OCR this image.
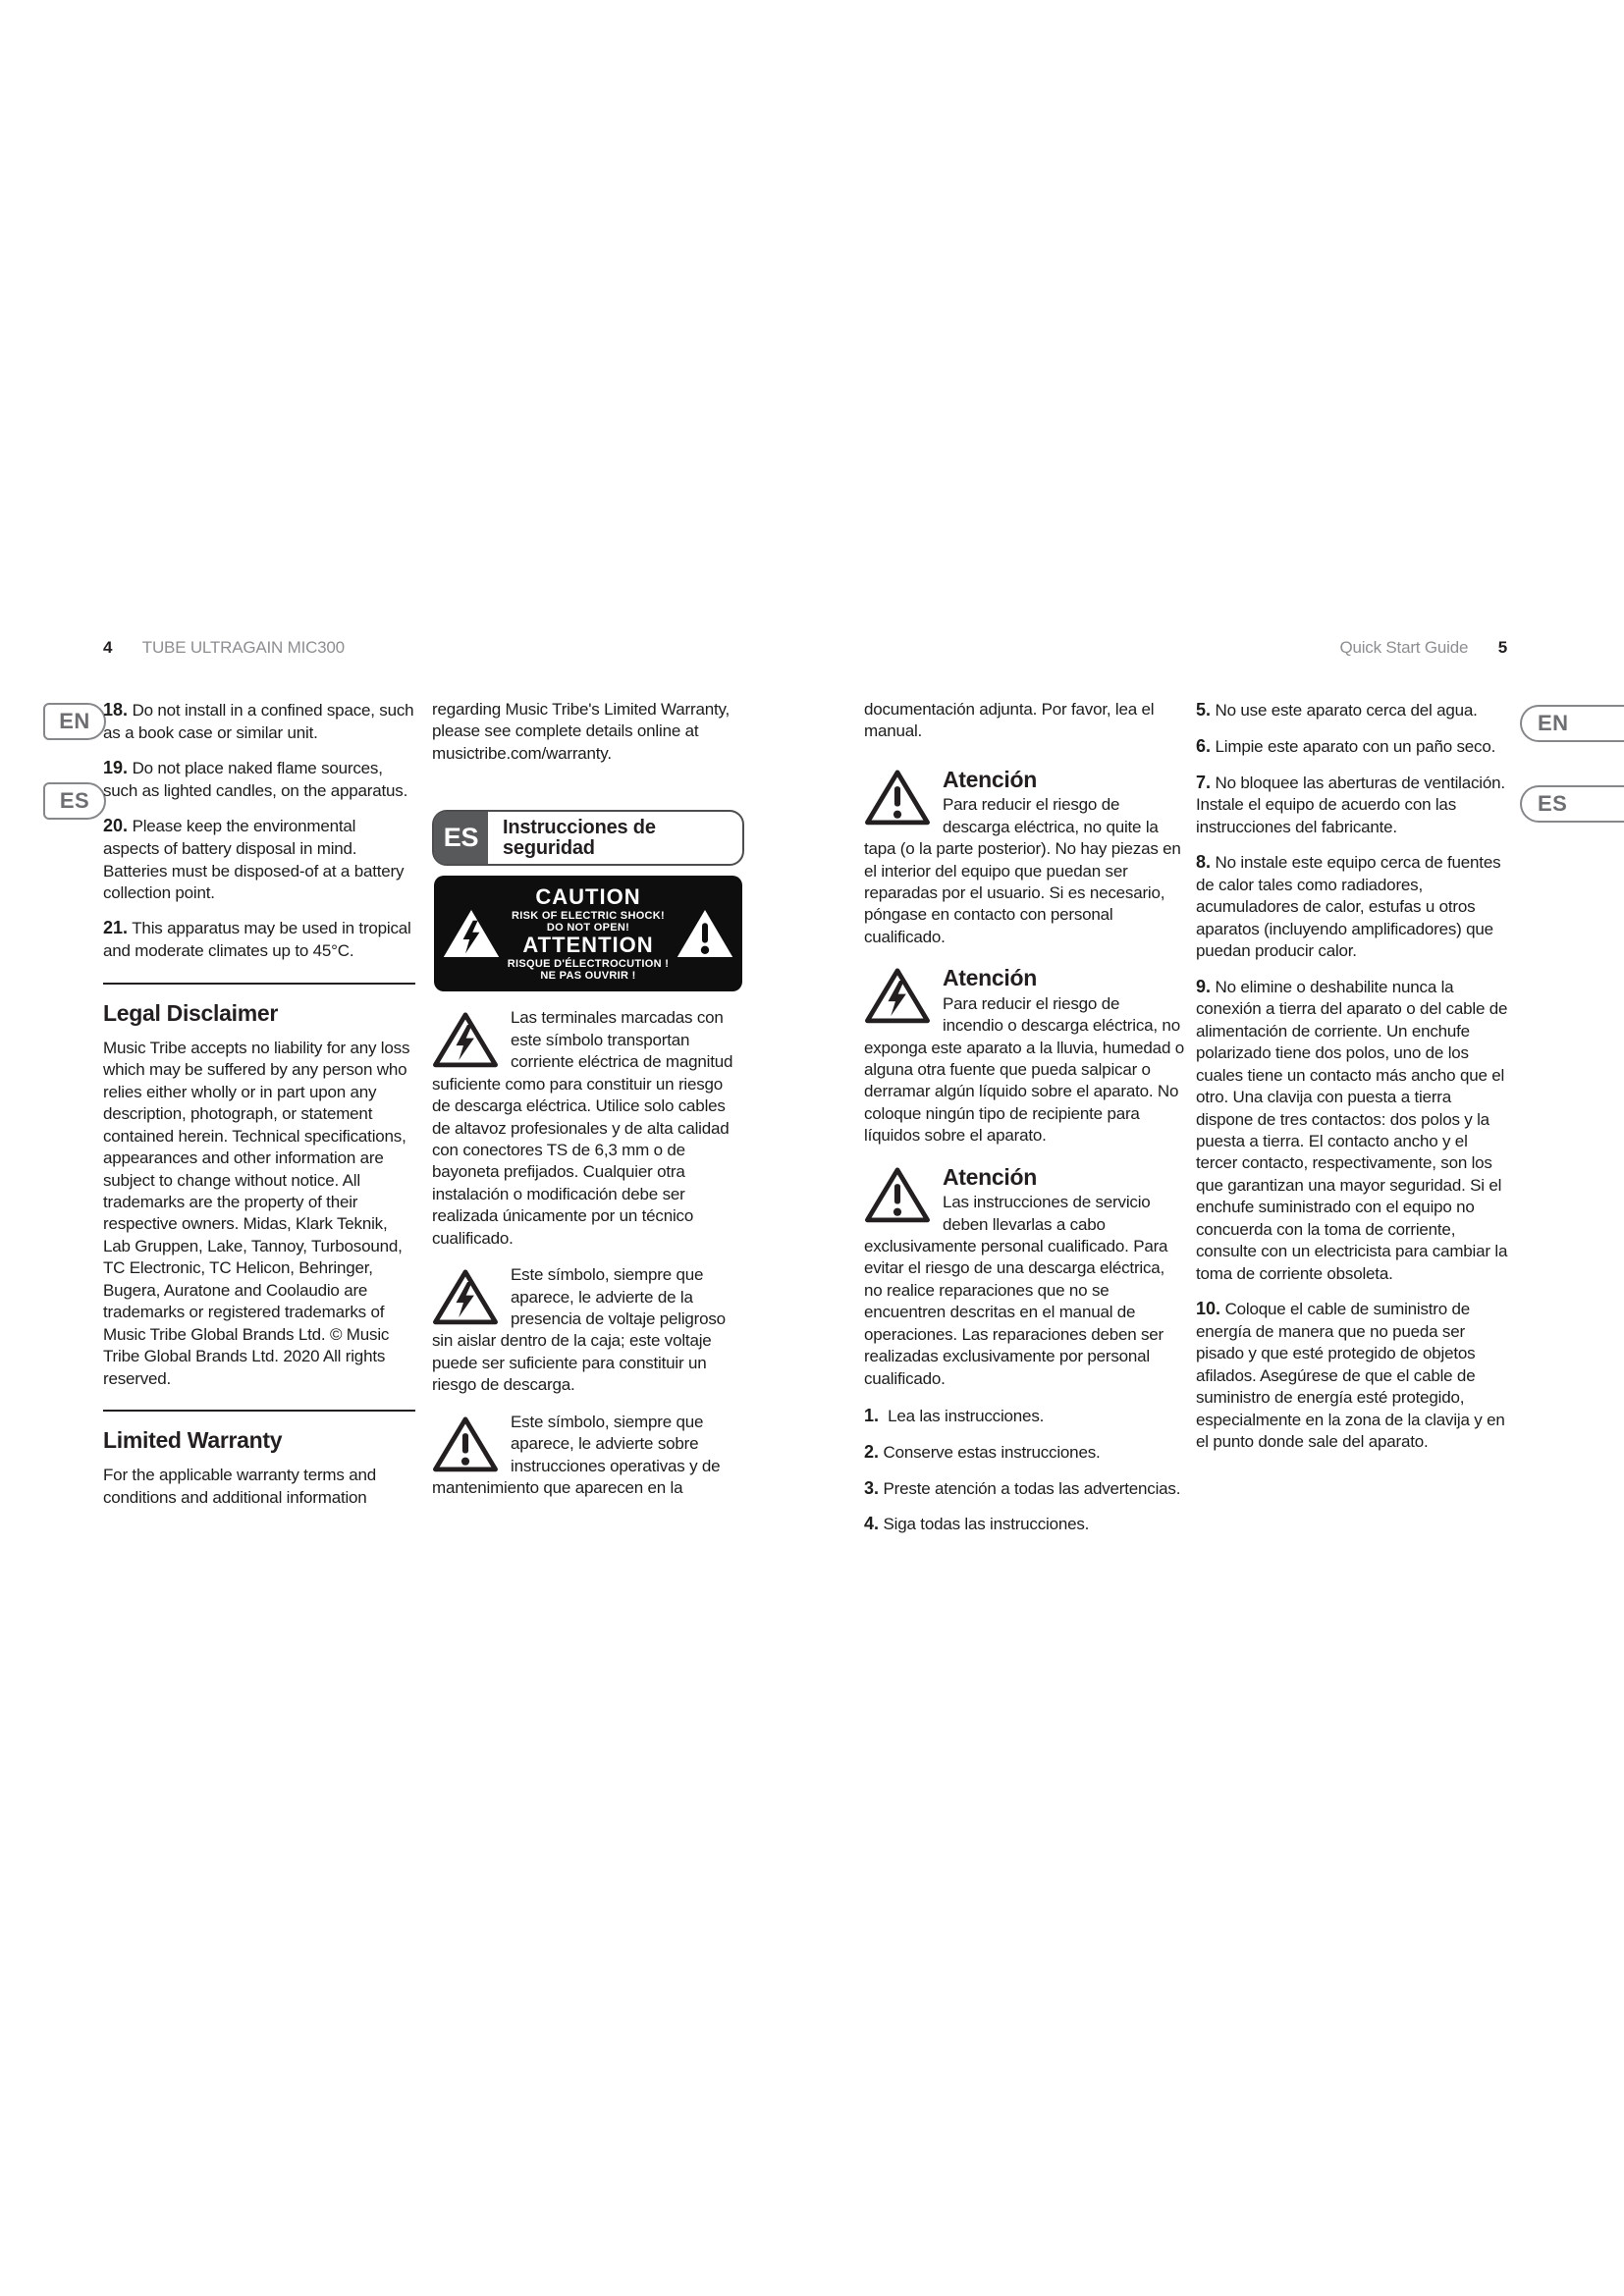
4 TUBE ULTRAGAIN MIC300	Quick Start Guide 5
EN
ES
EN
ES

18. Do not install in a confined space, such as a book case or similar unit.

19. Do not place naked flame sources, such as lighted candles, on the apparatus.

20. Please keep the environmental aspects of battery disposal in mind. Batteries must be disposed-of at a battery collection point.

21. This apparatus may be used in tropical and moderate climates up to 45°C.

Legal Disclaimer

Music Tribe accepts no liability for any loss which may be suffered by any person who relies either wholly or in part upon any description, photograph, or statement contained herein. Technical specifications, appearances and other information are subject to change without notice. All trademarks are the property of their respective owners. Midas, Klark Teknik, Lab Gruppen, Lake, Tannoy, Turbosound, TC Electronic, TC Helicon, Behringer, Bugera, Auratone and Coolaudio are trademarks or registered trademarks of Music Tribe Global Brands Ltd. © Music Tribe Global Brands Ltd. 2020 All rights reserved.

Limited Warranty

For the applicable warranty terms and conditions and additional information

regarding Music Tribe's Limited Warranty, please see complete details online at musictribe.com/warranty.

ES	Instrucciones de seguridad
CAUTION
RISK OF ELECTRIC SHOCK!
DO NOT OPEN!
ATTENTION
RISQUE D'ÉLECTROCUTION !
NE PAS OUVRIR !
Las terminales marcadas con este símbolo transportan corriente eléctrica de magnitud suficiente como para constituir un riesgo de descarga eléctrica. Utilice solo cables de altavoz profesionales y de alta calidad con conectores TS de 6,3 mm o de bayoneta prefijados. Cualquier otra instalación o modificación debe ser realizada únicamente por un técnico cualificado.
Este símbolo, siempre que aparece, le advierte de la presencia de voltaje peligroso sin aislar dentro de la caja; este voltaje puede ser suficiente para constituir un riesgo de descarga.
Este símbolo, siempre que aparece, le advierte sobre instrucciones operativas y de mantenimiento que aparecen en la

documentación adjunta. Por favor, lea el manual.

Atención
Para reducir el riesgo de descarga eléctrica, no quite la tapa (o la parte posterior). No hay piezas en el interior del equipo que puedan ser reparadas por el usuario. Si es necesario, póngase en contacto con personal cualificado.
Atención
Para reducir el riesgo de incendio o descarga eléctrica, no exponga este aparato a la lluvia, humedad o alguna otra fuente que pueda salpicar o derramar algún líquido sobre el aparato. No coloque ningún tipo de recipiente para líquidos sobre el aparato.
Atención
Las instrucciones de servicio deben llevarlas a cabo exclusivamente personal cualificado. Para evitar el riesgo de una descarga eléctrica, no realice reparaciones que no se encuentren descritas en el manual de operaciones. Las reparaciones deben ser realizadas exclusivamente por personal cualificado.

1. Lea las instrucciones.

2. Conserve estas instrucciones.

3. Preste atención a todas las advertencias.

4. Siga todas las instrucciones.

5. No use este aparato cerca del agua.

6. Limpie este aparato con un paño seco.

7. No bloquee las aberturas de ventilación. Instale el equipo de acuerdo con las instrucciones del fabricante.

8. No instale este equipo cerca de fuentes de calor tales como radiadores, acumuladores de calor, estufas u otros aparatos (incluyendo amplificadores) que puedan producir calor.

9. No elimine o deshabilite nunca la conexión a tierra del aparato o del cable de alimentación de corriente. Un enchufe polarizado tiene dos polos, uno de los cuales tiene un contacto más ancho que el otro. Una clavija con puesta a tierra dispone de tres contactos: dos polos y la puesta a tierra. El contacto ancho y el tercer contacto, respectivamente, son los que garantizan una mayor seguridad. Si el enchufe suministrado con el equipo no concuerda con la toma de corriente, consulte con un electricista para cambiar la toma de corriente obsoleta.

10. Coloque el cable de suministro de energía de manera que no pueda ser pisado y que esté protegido de objetos afilados. Asegúrese de que el cable de suministro de energía esté protegido, especialmente en la zona de la clavija y en el punto donde sale del aparato.
